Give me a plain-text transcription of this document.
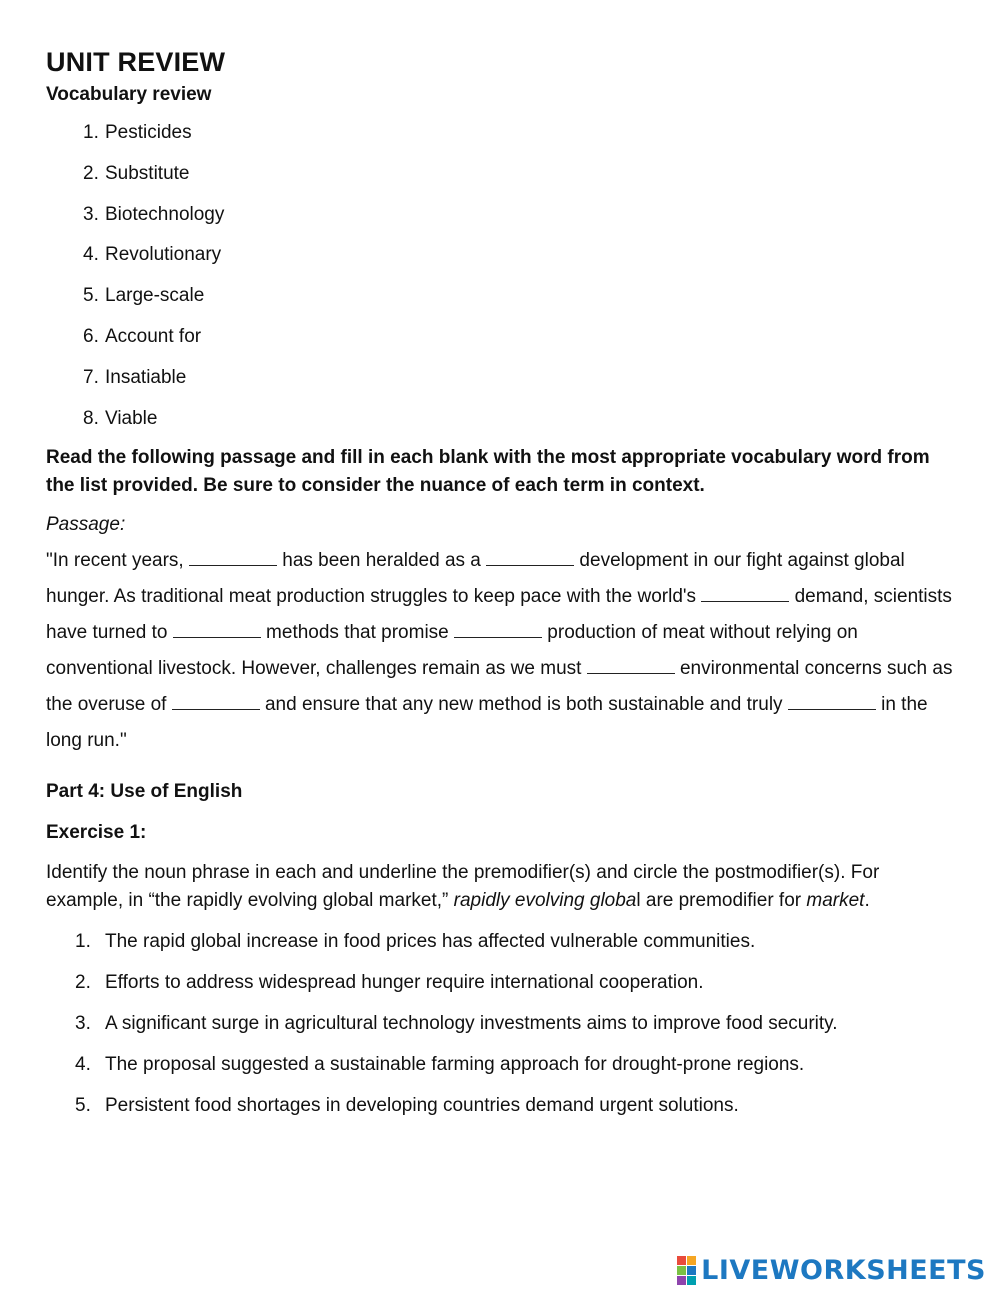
UNIT REVIEW
Vocabulary review
1. Pesticides
2. Substitute
3. Biotechnology
4. Revolutionary
5. Large-scale
6. Account for
7. Insatiable
8. Viable
Read the following passage and fill in each blank with the most appropriate vocabulary word from the list provided. Be sure to consider the nuance of each term in context.
Passage:
"In recent years,	has been heralded as a	development in our fight against global hunger. As traditional meat production struggles to keep pace with the world's	demand, scientists have turned to	methods that promise	production of meat without relying on conventional livestock. However, challenges remain as we must	environmental concerns such as the overuse of	and ensure that any new method is both sustainable and truly	in the long run."
Part 4: Use of English
Exercise 1:
Identify the noun phrase in each and underline the premodifier(s) and circle the postmodifier(s). For example, in “the rapidly evolving global market,” rapidly evolving global are premodifier for market.
1. The rapid global increase in food prices has affected vulnerable communities.
2. Efforts to address widespread hunger require international cooperation.
3. A significant surge in agricultural technology investments aims to improve food security.
4. The proposal suggested a sustainable farming approach for drought-prone regions.
5. Persistent food shortages in developing countries demand urgent solutions.
LIVEWORKSHEETS
